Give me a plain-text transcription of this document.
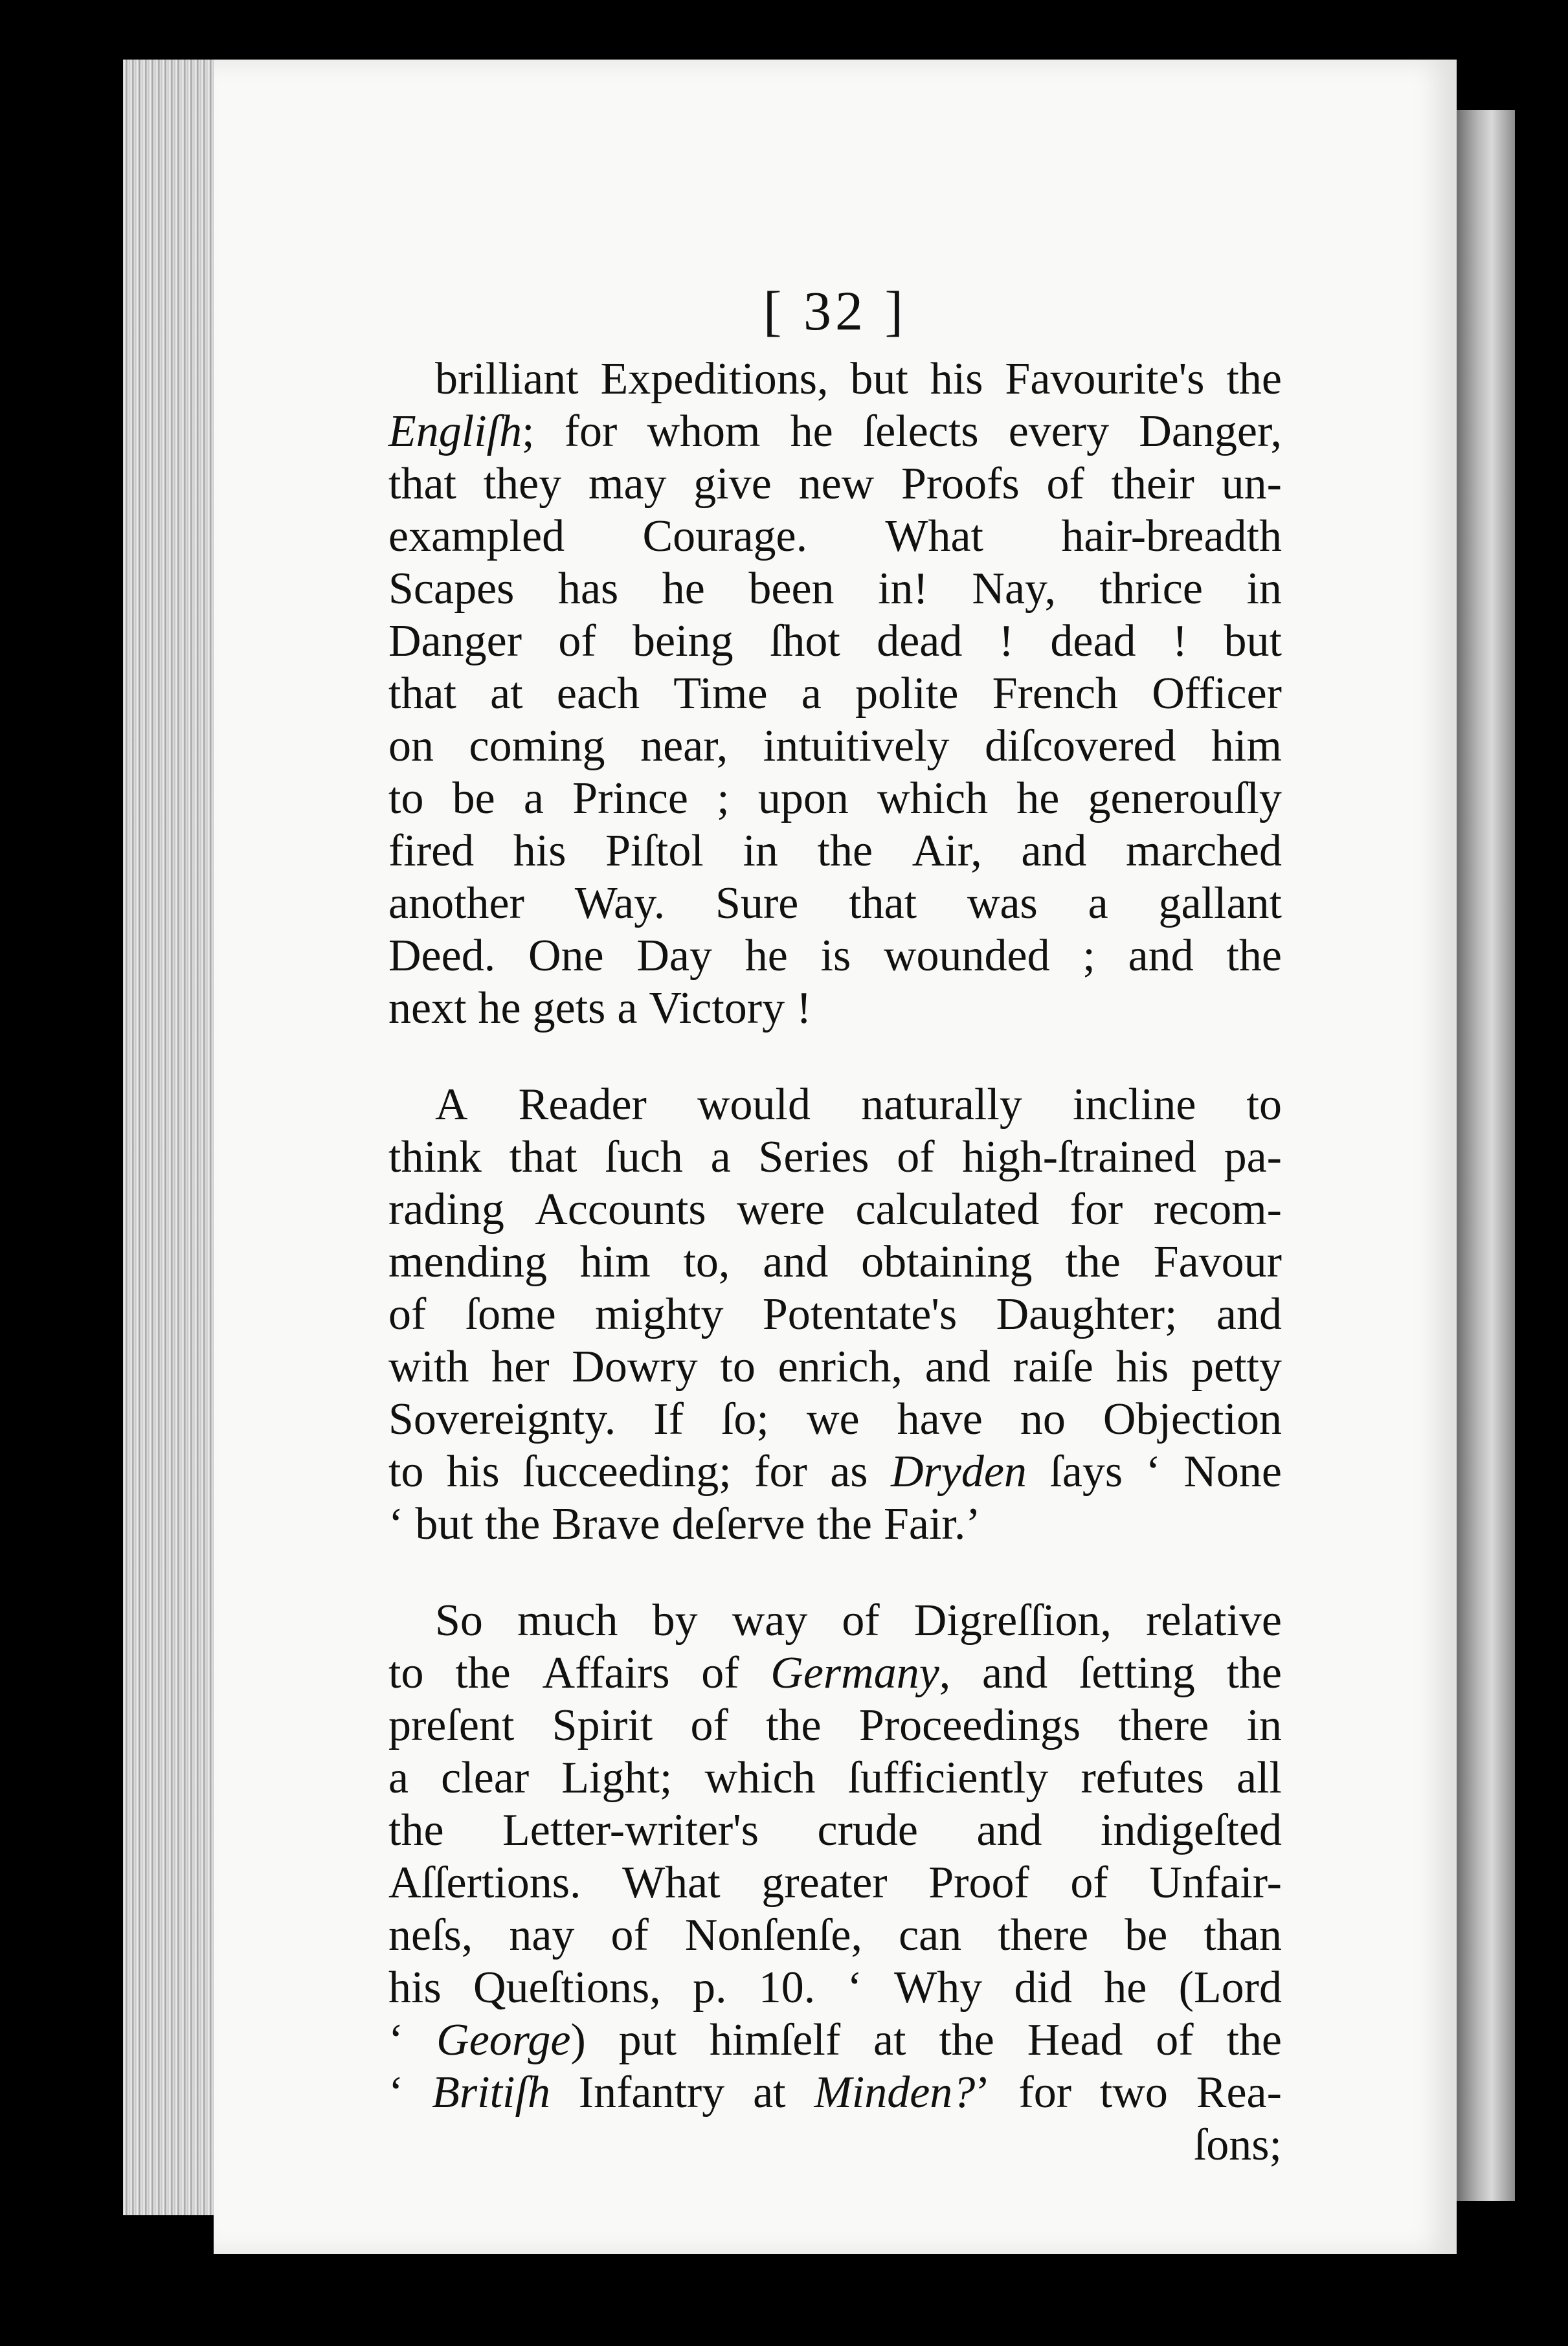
[ 32 ]
brilliant Expeditions, but his Favourite's the
Engliſh; for whom he ſelects every Danger,
that they may give new Proofs of their un-
exampled Courage. What hair-breadth
Scapes has he been in! Nay, thrice in
Danger of being ſhot dead ! dead ! but
that at each Time a polite French Officer
on coming near, intuitively diſcovered him
to be a Prince ; upon which he generouſly
fired his Piſtol in the Air, and marched
another Way. Sure that was a gallant
Deed. One Day he is wounded ; and the
next he gets a Victory !
A Reader would naturally incline to
think that ſuch a Series of high-ſtrained pa-
rading Accounts were calculated for recom-
mending him to, and obtaining the Favour
of ſome mighty Potentate's Daughter; and
with her Dowry to enrich, and raiſe his petty
Sovereignty. If ſo; we have no Objection
to his ſucceeding; for as Dryden ſays ‘ None
‘ but the Brave deſerve the Fair.’
So much by way of Digreſſion, relative
to the Affairs of Germany, and ſetting the
preſent Spirit of the Proceedings there in
a clear Light; which ſufficiently refutes all
the Letter-writer's crude and indigeſted
Aſſertions. What greater Proof of Unfair-
neſs, nay of Nonſenſe, can there be than
his Queſtions, p. 10. ‘ Why did he (Lord
‘ George) put himſelf at the Head of the
‘ Britiſh Infantry at Minden?’ for two Rea-
ſons;
